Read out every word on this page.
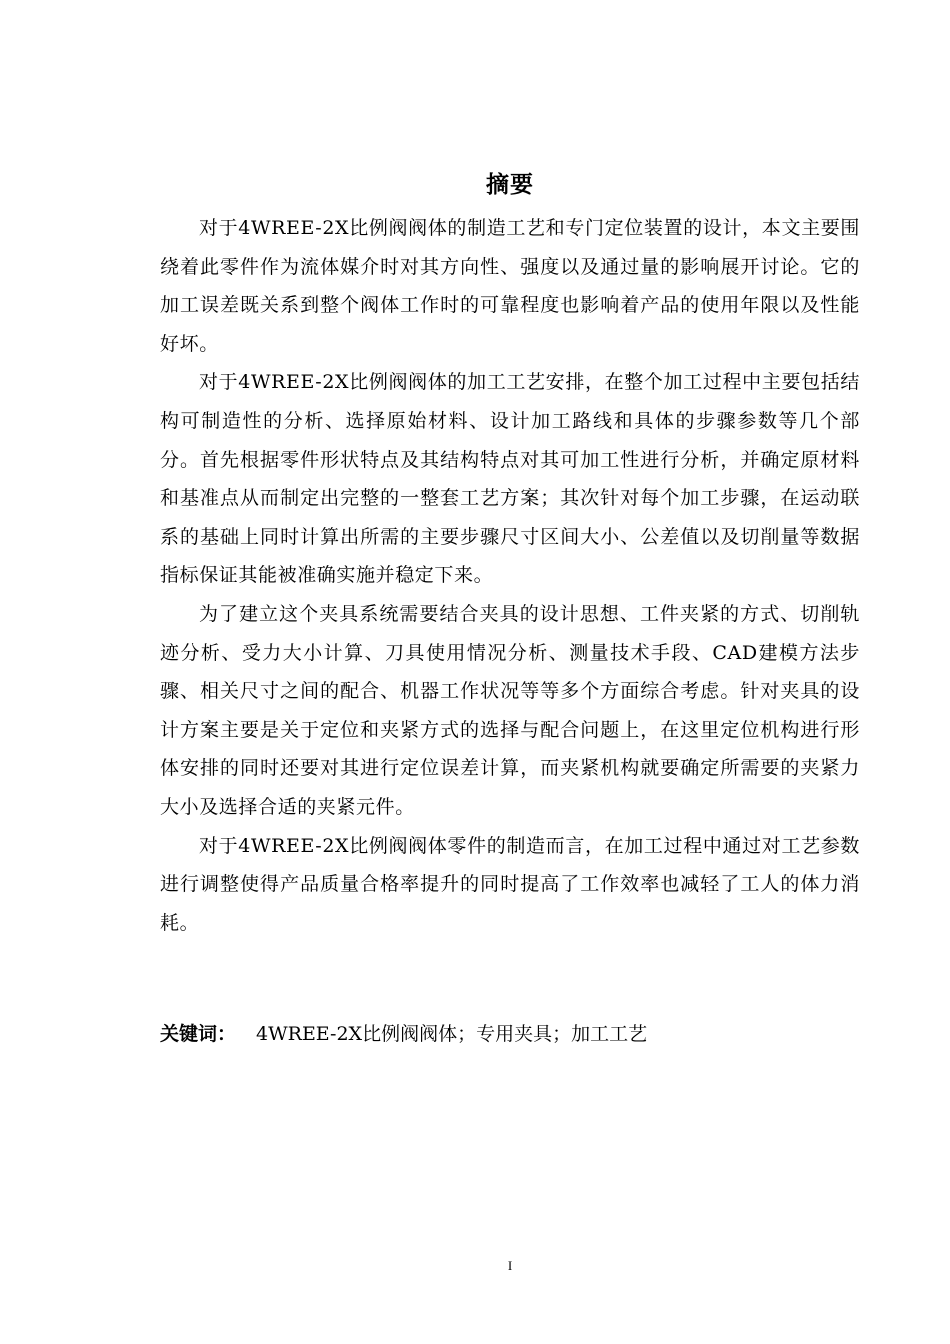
摘要

对于4WREE-2X比例阀阀体的制造工艺和专门定位装置的设计，本文主要围绕着此零件作为流体媒介时对其方向性、强度以及通过量的影响展开讨论。它的加工误差既关系到整个阀体工作时的可靠程度也影响着产品的使用年限以及性能好坏。

对于4WREE-2X比例阀阀体的加工工艺安排，在整个加工过程中主要包括结构可制造性的分析、选择原始材料、设计加工路线和具体的步骤参数等几个部分。首先根据零件形状特点及其结构特点对其可加工性进行分析，并确定原材料和基准点从而制定出完整的一整套工艺方案；其次针对每个加工步骤，在运动联系的基础上同时计算出所需的主要步骤尺寸区间大小、公差值以及切削量等数据指标保证其能被准确实施并稳定下来。

为了建立这个夹具系统需要结合夹具的设计思想、工件夹紧的方式、切削轨迹分析、受力大小计算、刀具使用情况分析、测量技术手段、CAD建模方法步骤、相关尺寸之间的配合、机器工作状况等等多个方面综合考虑。针对夹具的设计方案主要是关于定位和夹紧方式的选择与配合问题上，在这里定位机构进行形体安排的同时还要对其进行定位误差计算，而夹紧机构就要确定所需要的夹紧力大小及选择合适的夹紧元件。

对于4WREE-2X比例阀阀体零件的制造而言，在加工过程中通过对工艺参数进行调整使得产品质量合格率提升的同时提高了工作效率也减轻了工人的体力消耗。

关键词： 4WREE-2X比例阀阀体；专用夹具；加工工艺
I
